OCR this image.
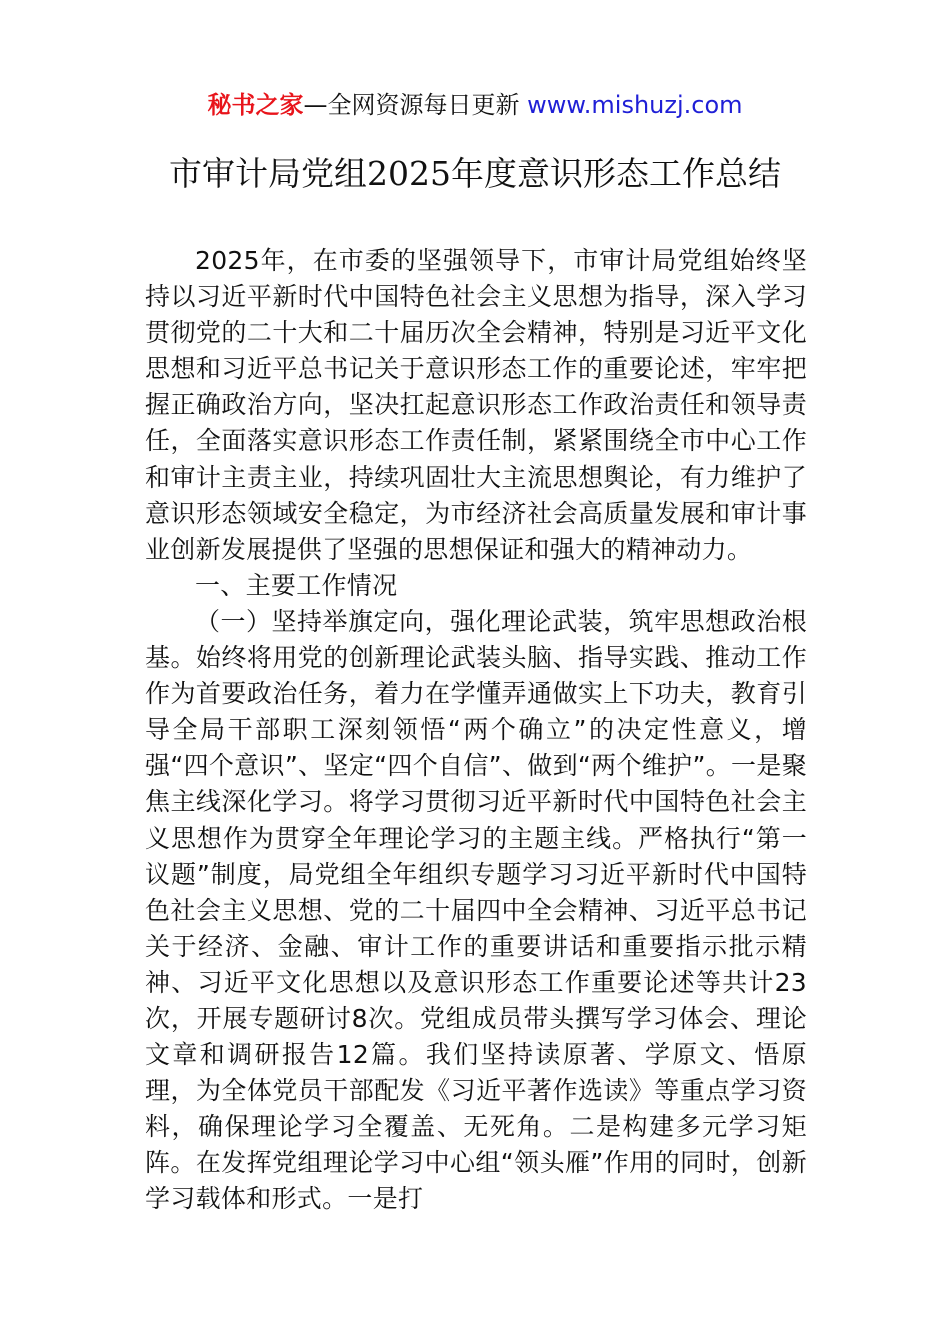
秘书之家—全网资源每日更新 www.mishuzj.com
市审计局党组2025年度意识形态工作总结

2025年，在市委的坚强领导下，市审计局党组始终坚持以习近平新时代中国特色社会主义思想为指导，深入学习贯彻党的二十大和二十届历次全会精神，特别是习近平文化思想和习近平总书记关于意识形态工作的重要论述，牢牢把握正确政治方向，坚决扛起意识形态工作政治责任和领导责任，全面落实意识形态工作责任制，紧紧围绕全市中心工作和审计主责主业，持续巩固壮大主流思想舆论，有力维护了意识形态领域安全稳定，为市经济社会高质量发展和审计事业创新发展提供了坚强的思想保证和强大的精神动力。

一、主要工作情况

（一）坚持举旗定向，强化理论武装，筑牢思想政治根基。始终将用党的创新理论武装头脑、指导实践、推动工作作为首要政治任务，着力在学懂弄通做实上下功夫，教育引导全局干部职工深刻领悟“两个确立”的决定性意义，增强“四个意识”、坚定“四个自信”、做到“两个维护”。一是聚焦主线深化学习。将学习贯彻习近平新时代中国特色社会主义思想作为贯穿全年理论学习的主题主线。严格执行“第一议题”制度，局党组全年组织专题学习习近平新时代中国特色社会主义思想、党的二十届四中全会精神、习近平总书记关于经济、金融、审计工作的重要讲话和重要指示批示精神、习近平文化思想以及意识形态工作重要论述等共计23次，开展专题研讨8次。党组成员带头撰写学习体会、理论文章和调研报告12篇。我们坚持读原著、学原文、悟原理，为全体党员干部配发《习近平著作选读》等重点学习资料，确保理论学习全覆盖、无死角。二是构建多元学习矩阵。在发挥党组理论学习中心组“领头雁”作用的同时，创新学习载体和形式。一是打
